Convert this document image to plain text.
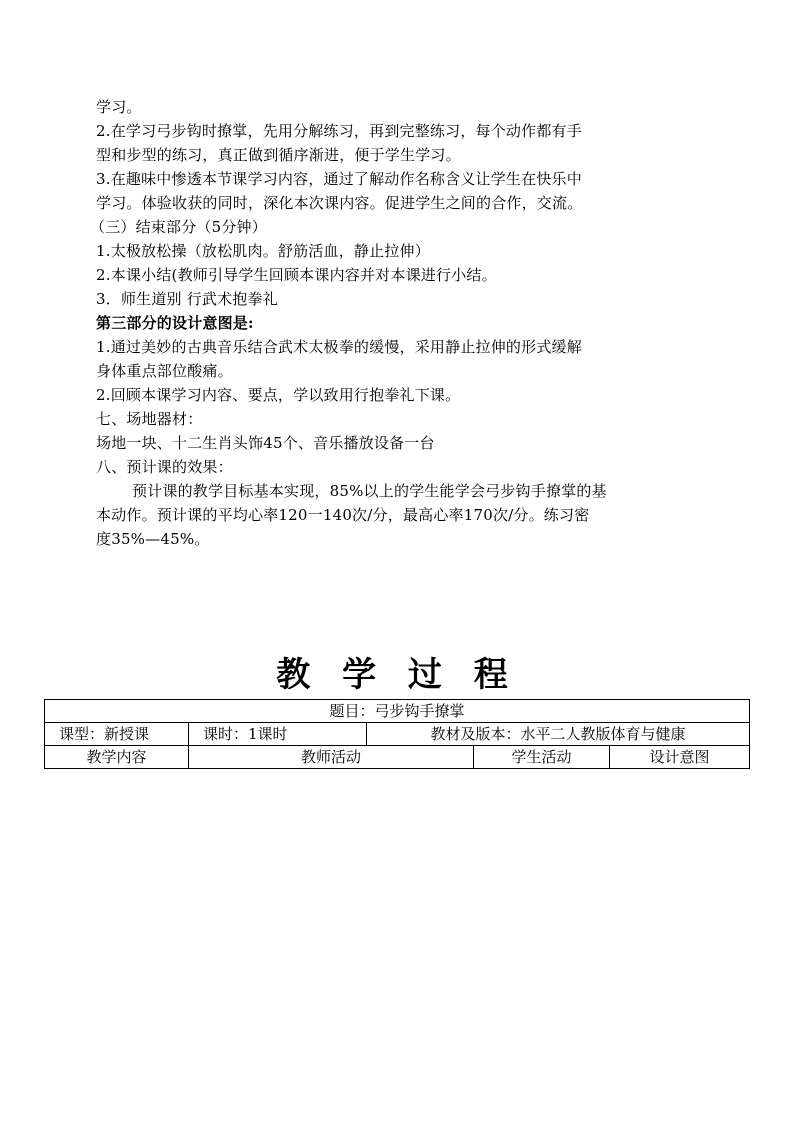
学习。
2.在学习弓步钩时撩掌，先用分解练习，再到完整练习，每个动作都有手
型和步型的练习，真正做到循序渐进，便于学生学习。
3.在趣味中惨透本节课学习内容，通过了解动作名称含义让学生在快乐中
学习。体验收获的同时，深化本次课内容。促进学生之间的合作，交流。
（三）结束部分（5分钟）
1.太极放松操（放松肌肉。舒筋活血，静止拉伸）
2.本课小结(教师引导学生回顾本课内容并对本课进行小结。
3．师生道别 行武术抱拳礼
第三部分的设计意图是:
1.通过美妙的古典音乐结合武术太极拳的缓慢，采用静止拉伸的形式缓解
身体重点部位酸痛。
2.回顾本课学习内容、要点，学以致用行抱拳礼下课。
七、场地器材：
场地一块、十二生肖头饰45个、音乐播放设备一台
八、预计课的效果：
预计课的教学目标基本实现，85%以上的学生能学会弓步钩手撩掌的基
本动作。预计课的平均心率120一140次/分，最高心率170次/分。练习密
度35%—45%。
教 学 过 程
题目：弓步钩手撩掌				
课型：新授课	课时：1课时	教材及版本：水平二人教版体育与健康		
教学内容	教师活动		学生活动	设计意图
